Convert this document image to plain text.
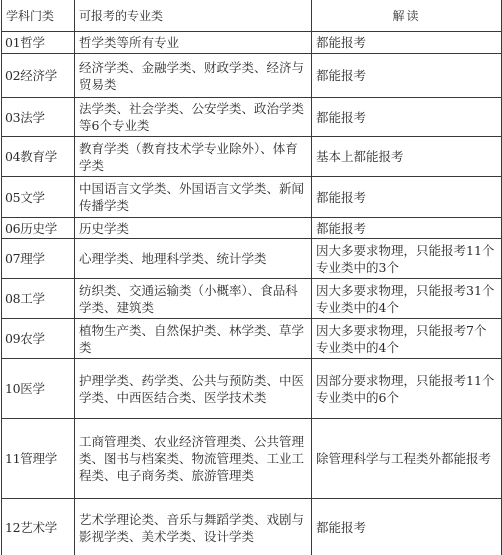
学科门类	可报考的专业类	解读
01哲学	哲学类等所有专业	都能报考
02经济学	经济学类、金融学类、财政学类、经济与贸易类	都能报考
03法学	法学类、社会学类、公安学类、政治学类等6个专业类	都能报考
04教育学	教育学类（教育技术学专业除外）、体育学类	基本上都能报考
05文学	中国语言文学类、外国语言文学类、新闻传播学类	都能报考
06历史学	历史学类	都能报考
07理学	心理学类、地理科学类、统计学类	因大多要求物理，只能报考11个专业类中的3个
08工学	纺织类、交通运输类（小概率）、食品科学类、建筑类	因大多要求物理，只能报考31个专业类中的4个
09农学	植物生产类、自然保护类、林学类、草学类	因大多要求物理，只能报考7个专业类中的4个
10医学	护理学类、药学类、公共与预防类、中医学类、中西医结合类、医学技术类	因部分要求物理，只能报考11个专业类中的6个
11管理学	工商管理类、农业经济管理类、公共管理类、图书与档案类、物流管理类、工业工程类、电子商务类、旅游管理类	除管理科学与工程类外都能报考
12艺术学	艺术学理论类、音乐与舞蹈学类、戏剧与影视学类、美术学类、设计学类	都能报考
